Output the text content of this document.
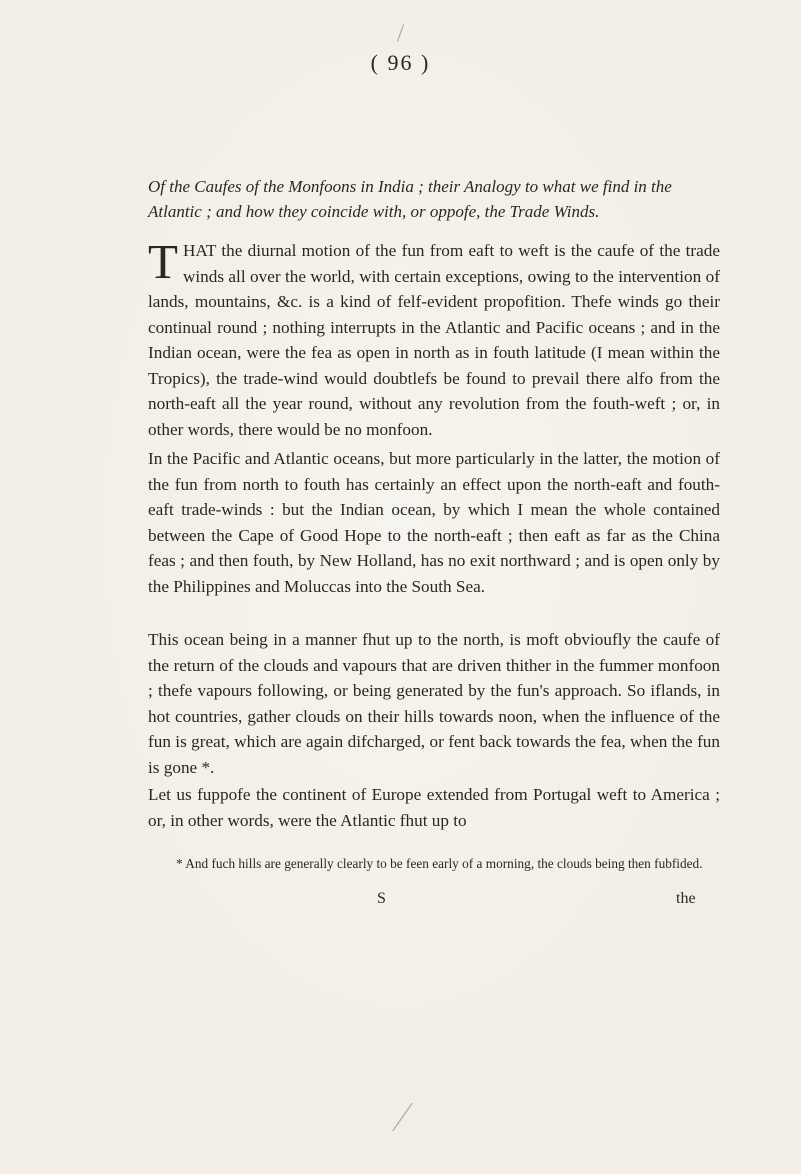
( 96 )
Of the Caufes of the Monfoons in India ; their Analogy to what we find in the Atlantic ; and how they coincide with, or oppofe, the Trade Winds.

THAT the diurnal motion of the fun from eaft to weft is the caufe of the trade winds all over the world, with certain exceptions, owing to the intervention of lands, mountains, &c. is a kind of felf-evident propofition. Thefe winds go their continual round ; nothing interrupts in the Atlantic and Pacific oceans ; and in the Indian ocean, were the fea as open in north as in fouth latitude (I mean within the Tropics), the trade-wind would doubtlefs be found to prevail there alfo from the north-eaft all the year round, without any revolution from the fouth-weft ; or, in other words, there would be no monfoon.

In the Pacific and Atlantic oceans, but more particularly in the latter, the motion of the fun from north to fouth has certainly an effect upon the north-eaft and fouth-eaft trade-winds : but the Indian ocean, by which I mean the whole contained between the Cape of Good Hope to the north-eaft ; then eaft as far as the China feas ; and then fouth, by New Holland, has no exit northward ; and is open only by the Philippines and Moluccas into the South Sea.

This ocean being in a manner fhut up to the north, is moft obvioufly the caufe of the return of the clouds and vapours that are driven thither in the fummer monfoon ; thefe vapours following, or being generated by the fun's approach. So iflands, in hot countries, gather clouds on their hills towards noon, when the influence of the fun is great, which are again difcharged, or fent back towards the fea, when the fun is gone *.

Let us fuppofe the continent of Europe extended from Portugal weft to America ; or, in other words, were the Atlantic fhut up to

* And fuch hills are generally clearly to be feen early of a morning, the clouds being then fubfided.

S	the
